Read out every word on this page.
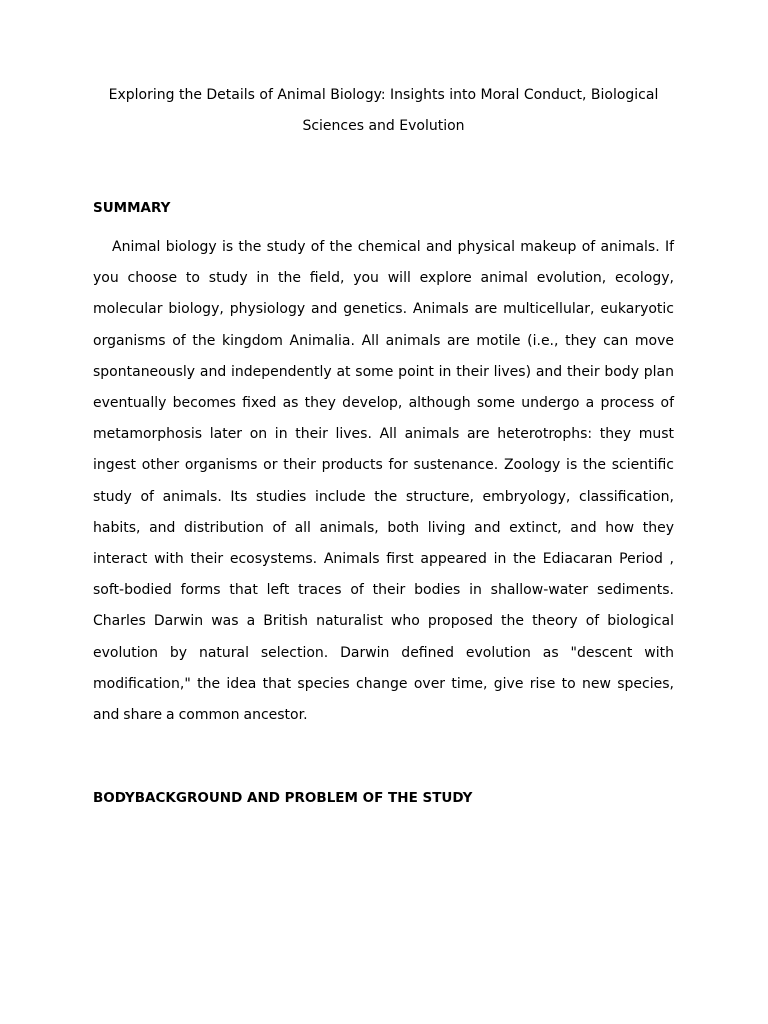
Exploring the Details of Animal Biology: Insights into Moral Conduct, Biological Sciences and Evolution
SUMMARY

Animal biology is the study of the chemical and physical makeup of animals. If you choose to study in the field, you will explore animal evolution, ecology, molecular biology, physiology and genetics. Animals are multicellular, eukaryotic organisms of the kingdom Animalia. All animals are motile (i.e., they can move spontaneously and independently at some point in their lives) and their body plan eventually becomes fixed as they develop, although some undergo a process of metamorphosis later on in their lives. All animals are heterotrophs: they must ingest other organisms or their products for sustenance. Zoology is the scientific study of animals. Its studies include the structure, embryology, classification, habits, and distribution of all animals, both living and extinct, and how they interact with their ecosystems. Animals first appeared in the Ediacaran Period , soft-bodied forms that left traces of their bodies in shallow-water sediments. Charles Darwin was a British naturalist who proposed the theory of biological evolution by natural selection. Darwin defined evolution as "descent with modification," the idea that species change over time, give rise to new species, and share a common ancestor.

BODYBACKGROUND AND PROBLEM OF THE STUDY
